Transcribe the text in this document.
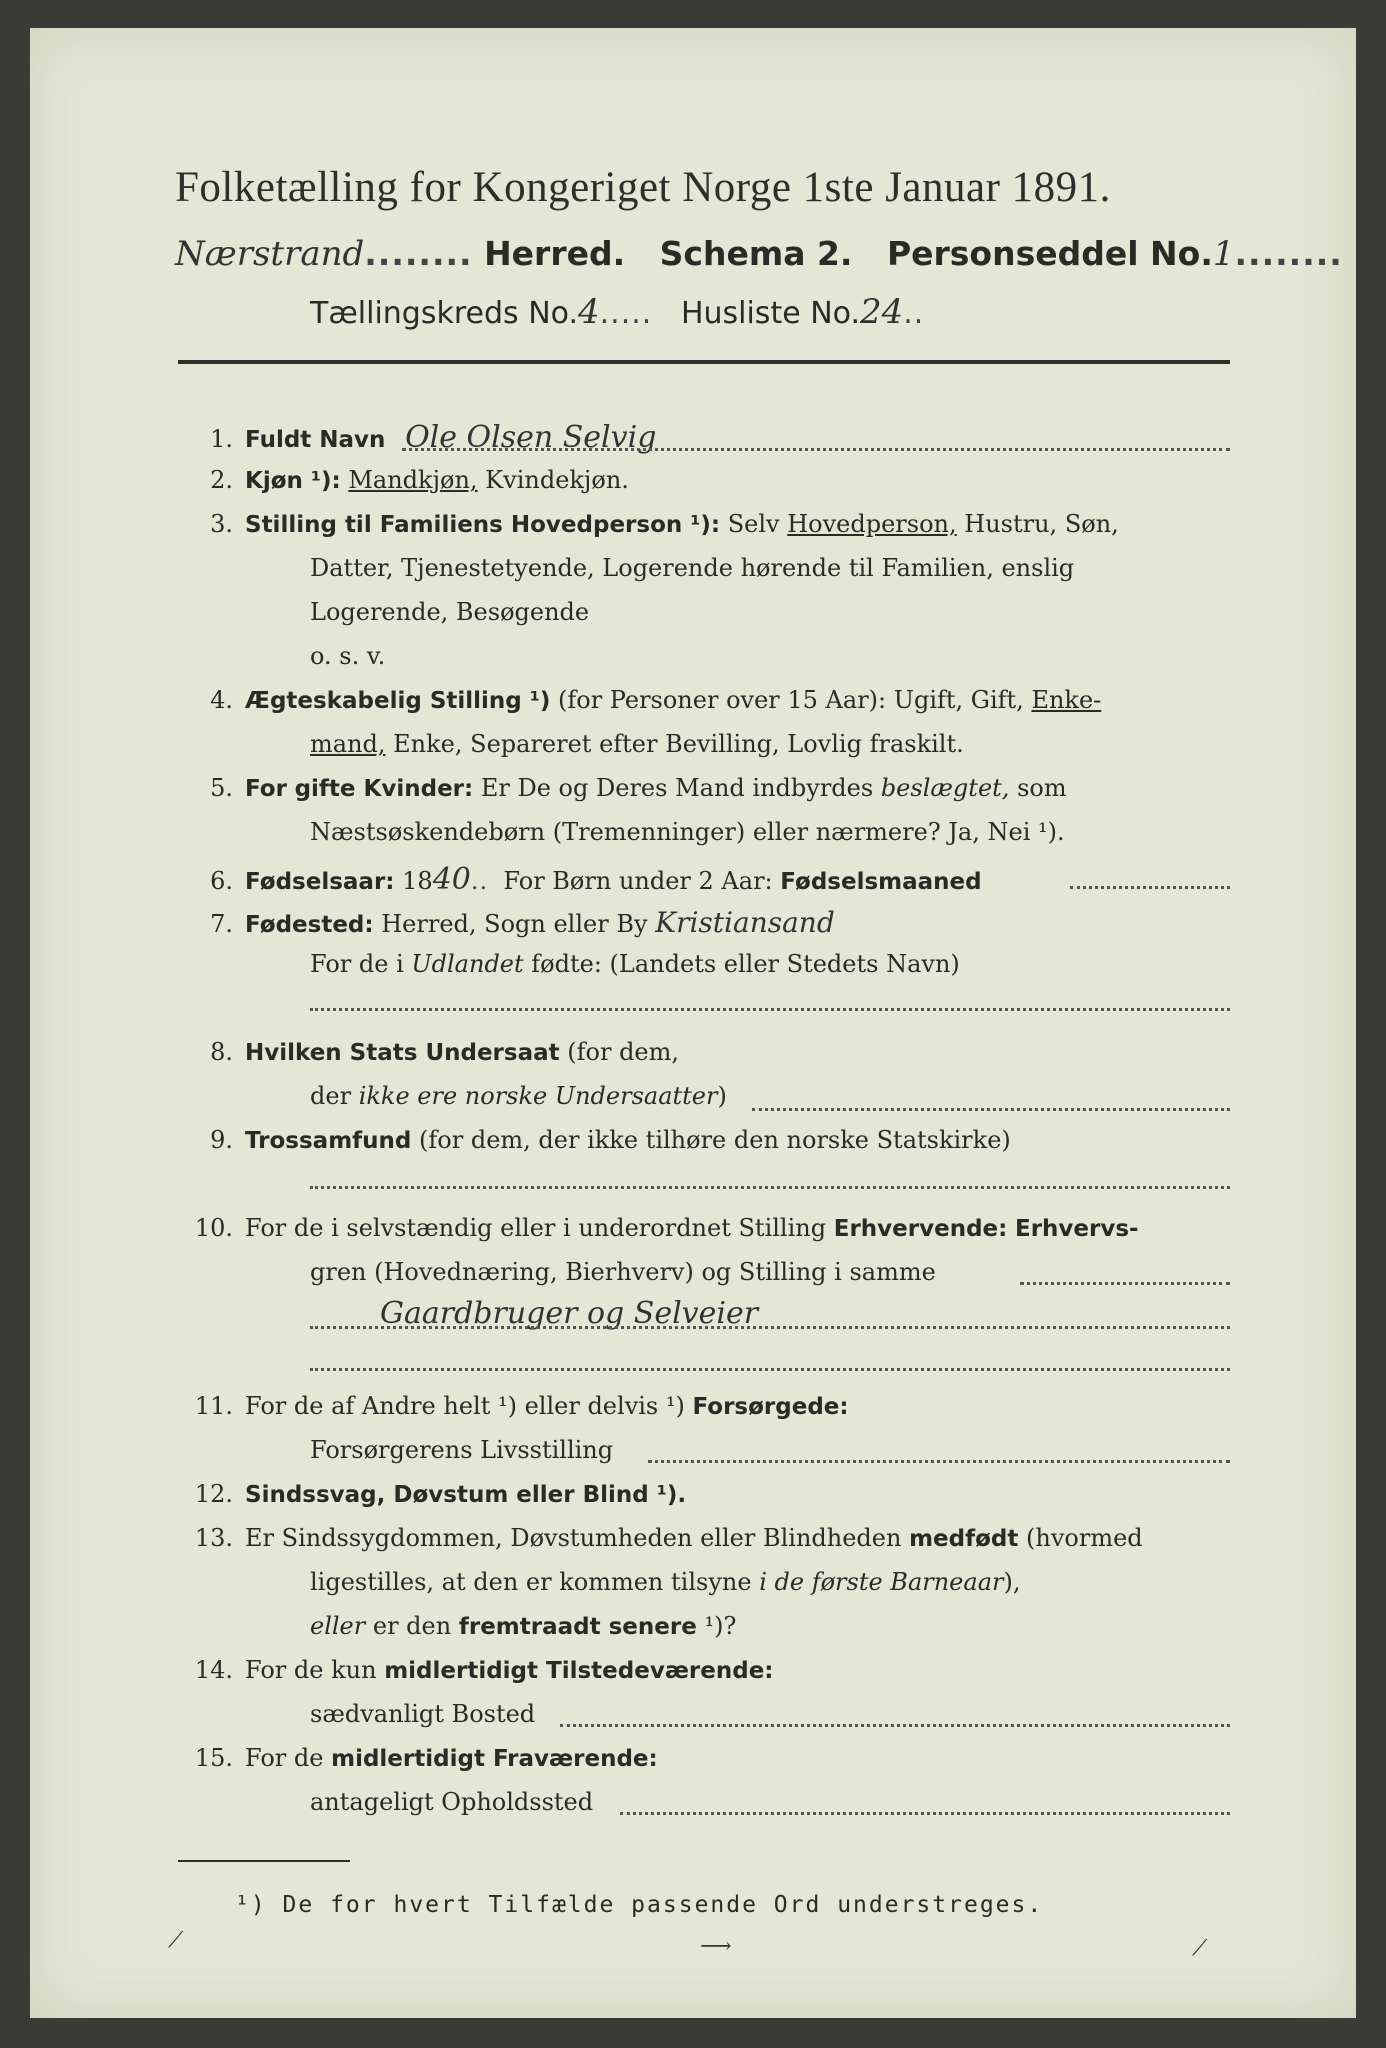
Folketælling for Kongeriget Norge 1ste Januar 1891.
Nærstrand........ Herred. Schema 2. Personseddel No.1........
Tællingskreds No.4..... Husliste No.24..
1. Fuldt Navn Ole Olsen Selvig
2. Kjøn ¹): Mandkjøn, Kvindekjøn.
3. Stilling til Familiens Hovedperson ¹): Selv Hovedperson, Hustru, Søn,
Datter, Tjenestetyende, Logerende hørende til Familien, enslig
Logerende, Besøgende
o. s. v.
4. Ægteskabelig Stilling ¹) (for Personer over 15 Aar): Ugift, Gift, Enke-
mand, Enke, Separeret efter Bevilling, Lovlig fraskilt.
5. For gifte Kvinder: Er De og Deres Mand indbyrdes beslægtet, som
Næstsøskendebørn (Tremenninger) eller nærmere? Ja, Nei ¹).
6. Fødselsaar: 1840.. For Børn under 2 Aar: Fødselsmaaned
7. Fødested: Herred, Sogn eller By Kristiansand
For de i Udlandet fødte: (Landets eller Stedets Navn)
8. Hvilken Stats Undersaat (for dem,
der ikke ere norske Undersaatter)
9. Trossamfund (for dem, der ikke tilhøre den norske Statskirke)
10. For de i selvstændig eller i underordnet Stilling Erhvervende: Erhvervs-
gren (Hovednæring, Bierhverv) og Stilling i samme
Gaardbruger og Selveier
11. For de af Andre helt ¹) eller delvis ¹) Forsørgede:
Forsørgerens Livsstilling
12. Sindssvag, Døvstum eller Blind ¹).
13. Er Sindssygdommen, Døvstumheden eller Blindheden medfødt (hvormed
ligestilles, at den er kommen tilsyne i de første Barneaar),
eller er den fremtraadt senere ¹)?
14. For de kun midlertidigt Tilstedeværende:
sædvanligt Bosted
15. For de midlertidigt Fraværende:
antageligt Opholdssted
¹) De for hvert Tilfælde passende Ord understreges.
⟋	⟶	⟋
